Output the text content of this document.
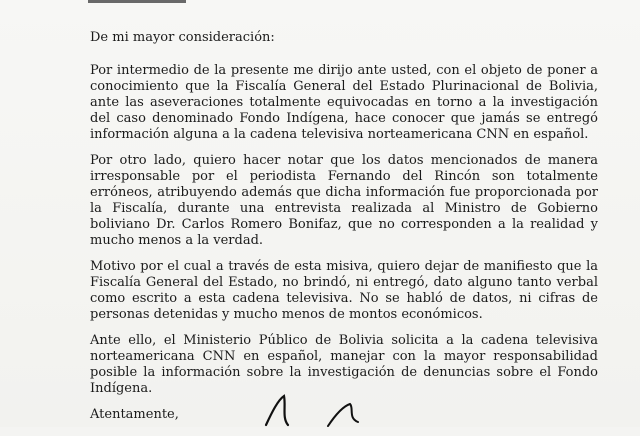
De mi mayor consideración:

Por intermedio de la presente me dirijo ante usted, con el objeto de poner a
conocimiento que la Fiscalía General del Estado Plurinacional de Bolivia,
ante las aseveraciones totalmente equivocadas en torno a la investigación
del caso denominado Fondo Indígena, hace conocer que jamás se entregó
información alguna a la cadena televisiva norteamericana CNN en español.
Por otro lado, quiero hacer notar que los datos mencionados de manera
irresponsable por el periodista Fernando del Rincón son totalmente
erróneos, atribuyendo además que dicha información fue proporcionada por
la Fiscalía, durante una entrevista realizada al Ministro de Gobierno
boliviano Dr. Carlos Romero Bonifaz, que no corresponden a la realidad y
mucho menos a la verdad.
Motivo por el cual a través de esta misiva, quiero dejar de manifiesto que la
Fiscalía General del Estado, no brindó, ni entregó, dato alguno tanto verbal
como escrito a esta cadena televisiva. No se habló de datos, ni cifras de
personas detenidas y mucho menos de montos económicos.
Ante ello, el Ministerio Público de Bolivia solicita a la cadena televisiva
norteamericana CNN en español, manejar con la mayor responsabilidad
posible la información sobre la investigación de denuncias sobre el Fondo
Indígena.

Atentamente,
